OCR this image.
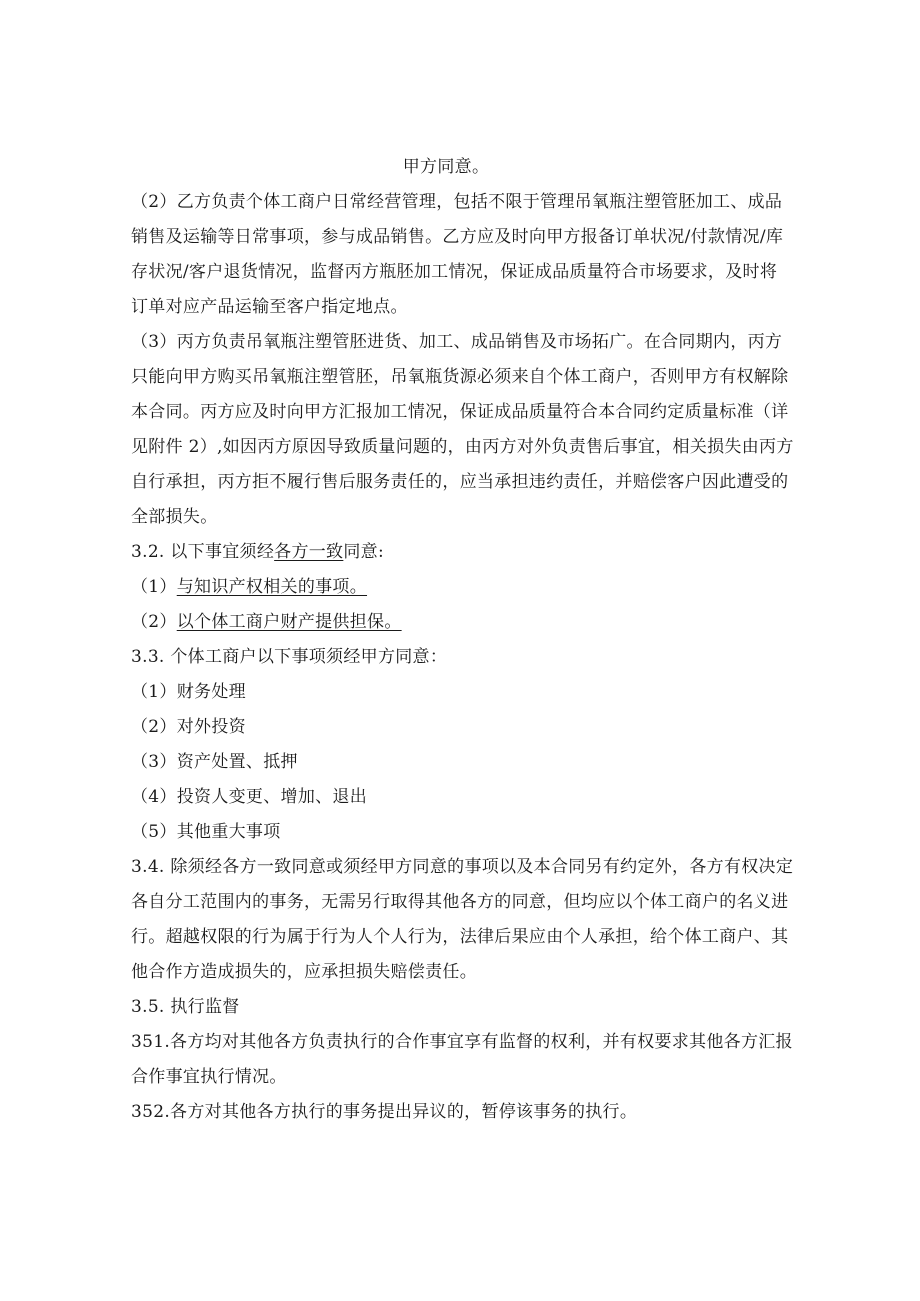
甲方同意。
（2）乙方负责个体工商户日常经营管理，包括不限于管理吊氧瓶注塑管胚加工、成品
销售及运输等日常事项，参与成品销售。乙方应及时向甲方报备订单状况/付款情况/库
存状况/客户退货情况，监督丙方瓶胚加工情况，保证成品质量符合市场要求，及时将
订单对应产品运输至客户指定地点。
（3）丙方负责吊氧瓶注塑管胚进货、加工、成品销售及市场拓广。在合同期内，丙方
只能向甲方购买吊氧瓶注塑管胚，吊氧瓶货源必须来自个体工商户，否则甲方有权解除
本合同。丙方应及时向甲方汇报加工情况，保证成品质量符合本合同约定质量标准（详
见附件 2）,如因丙方原因导致质量问题的，由丙方对外负责售后事宜，相关损失由丙方
自行承担，丙方拒不履行售后服务责任的，应当承担违约责任，并赔偿客户因此遭受的
全部损失。
3.2. 以下事宜须经各方一致同意:
（1）与知识产权相关的事项。
（2）以个体工商户财产提供担保。
3.3. 个体工商户以下事项须经甲方同意：
（1）财务处理
（2）对外投资
（3）资产处置、抵押
（4）投资人变更、增加、退出
（5）其他重大事项
3.4. 除须经各方一致同意或须经甲方同意的事项以及本合同另有约定外，各方有权决定
各自分工范围内的事务，无需另行取得其他各方的同意，但均应以个体工商户的名义进
行。超越权限的行为属于行为人个人行为，法律后果应由个人承担，给个体工商户、其
他合作方造成损失的，应承担损失赔偿责任。
3.5. 执行监督
351.各方均对其他各方负责执行的合作事宜享有监督的权利，并有权要求其他各方汇报
合作事宜执行情况。
352.各方对其他各方执行的事务提出异议的，暂停该事务的执行。
